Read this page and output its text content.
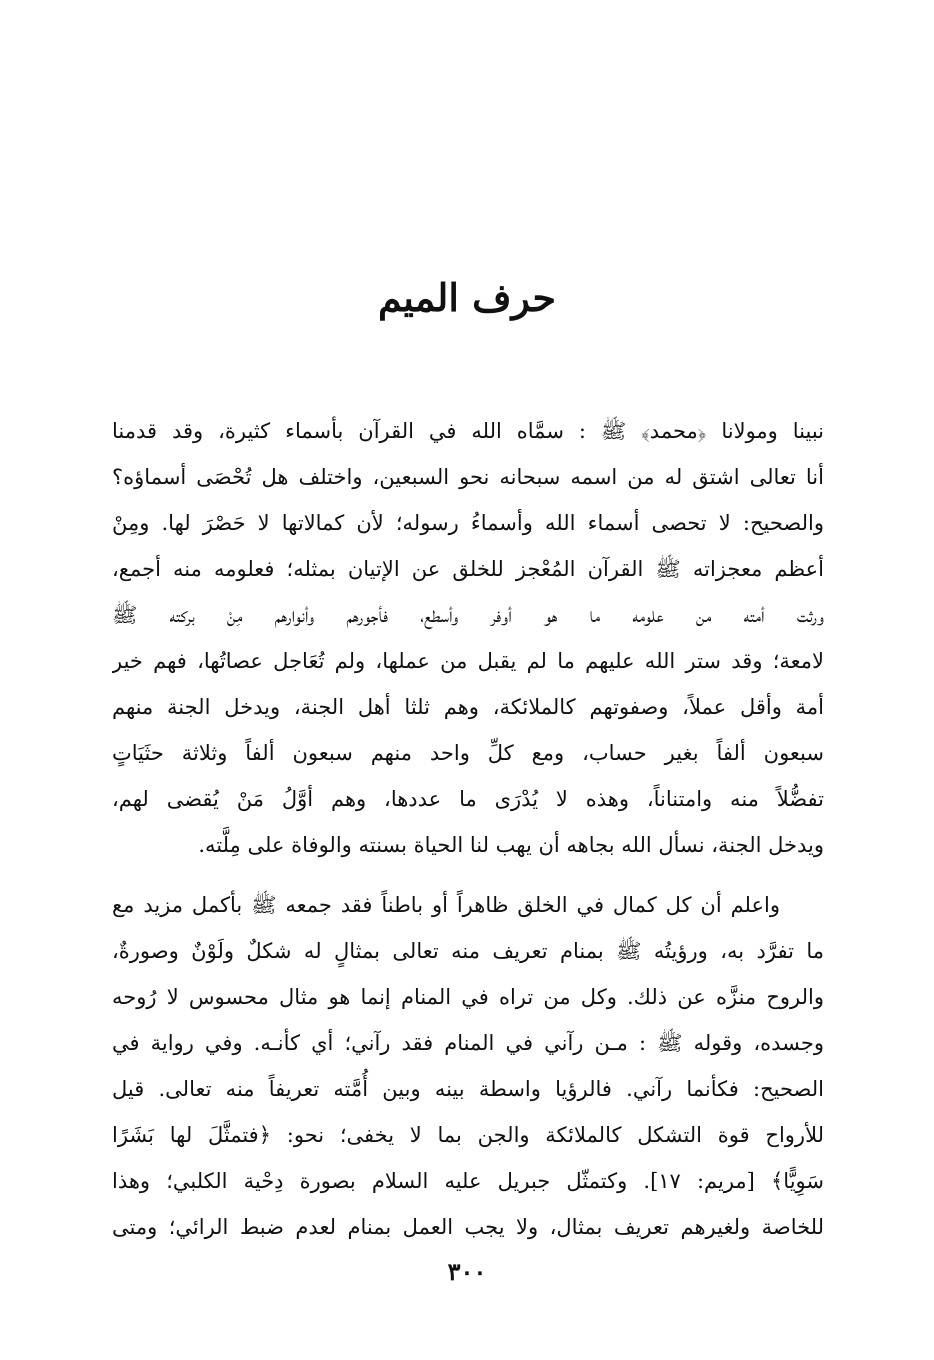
حرف الميم
نبينا ومولانا ﴿محمد﴾ ﷺ : سمَّاه الله في القرآن بأسماء كثيرة، وقد قدمنا
أنا تعالى اشتق له من اسمه سبحانه نحو السبعين، واختلف هل تُحْصَى أسماؤه؟
والصحيح: لا تحصى أسماء الله وأسماءُ رسوله؛ لأن كمالاتها لا حَصْرَ لها. ومِنْ
أعظم معجزاته ﷺ القرآن المُعْجز للخلق عن الإتيان بمثله؛ فعلومه منه أجمع،
ورثت أمته من علومه ما هو أوفر وأسطع، فأجورهم وأنوارهم مِنْ بركته ﷺ
لامعة؛ وقد ستر الله عليهم ما لم يقبل من عملها، ولم تُعَاجل عصاتُها، فهم خير
أمة وأقل عملاً، وصفوتهم كالملائكة، وهم ثلثا أهل الجنة، ويدخل الجنة منهم
سبعون ألفاً بغير حساب، ومع كلِّ واحد منهم سبعون ألفاً وثلاثة حثَيَاتٍ
تفضُّلاً منه وامتناناً، وهذه لا يُدْرَى ما عددها، وهم أوَّلُ مَنْ يُقضى لهم،
ويدخل الجنة، نسأل الله بجاهه أن يهب لنا الحياة بسنته والوفاة على مِلَّته.
واعلم أن كل كمال في الخلق ظاهراً أو باطناً فقد جمعه ﷺ بأكمل مزيد مع
ما تفرَّد به، ورؤيتُه ﷺ بمنام تعريف منه تعالى بمثالٍ له شكلٌ ولَوْنٌ وصورةٌ،
والروح منزَّه عن ذلك. وكل من تراه في المنام إنما هو مثال محسوس لا رُوحه
وجسده، وقوله ﷺ : مـن رآني في المنام فقد رآني؛ أي كأنـه. وفي رواية في
الصحيح: فكأنما رآني. فالرؤيا واسطة بينه وبين أُمَّته تعريفاً منه تعالى. قيل
للأرواح قوة التشكل كالملائكة والجن بما لا يخفى؛ نحو: ﴿فتمثَّلَ لها بَشَرًا
سَوِيًّا﴾ [مريم: ١٧]. وكتمثّل جبريل عليه السلام بصورة دِحْية الكلبي؛ وهذا
للخاصة ولغيرهم تعريف بمثال، ولا يجب العمل بمنام لعدم ضبط الرائي؛ ومتى
٣٠٠
